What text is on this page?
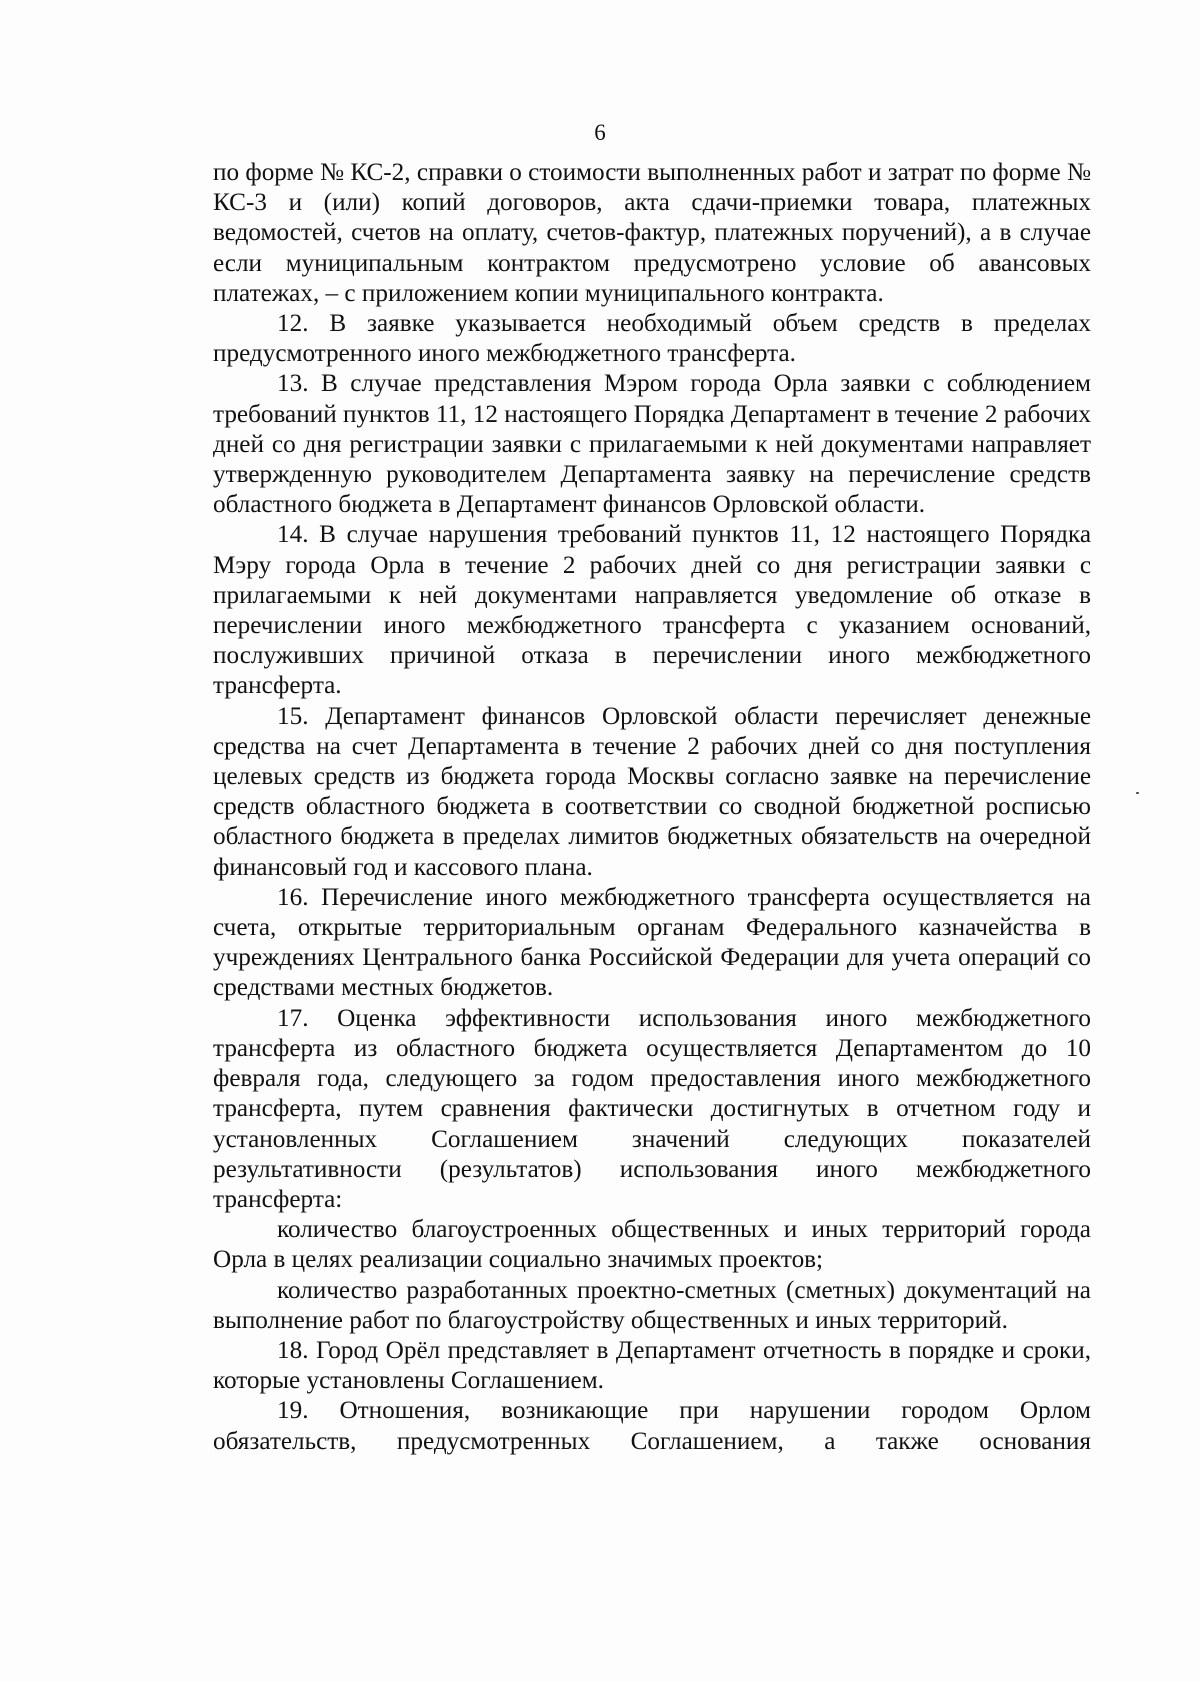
6

по форме № КС-2, справки о стоимости выполненных работ и затрат по форме № КС-3 и (или) копий договоров, акта сдачи-приемки товара, платежных ведомостей, счетов на оплату, счетов-фактур, платежных поручений), а в случае если муниципальным контрактом предусмотрено условие об авансовых платежах, – с приложением копии муниципального контракта.

12. В заявке указывается необходимый объем средств в пределах предусмотренного иного межбюджетного трансферта.

13. В случае представления Мэром города Орла заявки с соблюдением требований пунктов 11, 12 настоящего Порядка Департамент в течение 2 рабочих дней со дня регистрации заявки с прилагаемыми к ней документами направляет утвержденную руководителем Департамента заявку на перечисление средств областного бюджета в Департамент финансов Орловской области.

14. В случае нарушения требований пунктов 11, 12 настоящего Порядка Мэру города Орла в течение 2 рабочих дней со дня регистрации заявки с прилагаемыми к ней документами направляется уведомление об отказе в перечислении иного межбюджетного трансферта с указанием оснований, послуживших причиной отказа в перечислении иного межбюджетного трансферта.

15. Департамент финансов Орловской области перечисляет денежные средства на счет Департамента в течение 2 рабочих дней со дня поступления целевых средств из бюджета города Москвы согласно заявке на перечисление средств областного бюджета в соответствии со сводной бюджетной росписью областного бюджета в пределах лимитов бюджетных обязательств на очередной финансовый год и кассового плана.

16. Перечисление иного межбюджетного трансферта осуществляется на счета, открытые территориальным органам Федерального казначейства в учреждениях Центрального банка Российской Федерации для учета операций со средствами местных бюджетов.

17. Оценка эффективности использования иного межбюджетного трансферта из областного бюджета осуществляется Департаментом до 10 февраля года, следующего за годом предоставления иного межбюджетного трансферта, путем сравнения фактически достигнутых в отчетном году и установленных Соглашением значений следующих показателей результативности (результатов) использования иного межбюджетного трансферта:

количество благоустроенных общественных и иных территорий города Орла в целях реализации социально значимых проектов;

количество разработанных проектно-сметных (сметных) документаций на выполнение работ по благоустройству общественных и иных территорий.

18. Город Орёл представляет в Департамент отчетность в порядке и сроки, которые установлены Соглашением.

19. Отношения, возникающие при нарушении городом Орлом обязательств, предусмотренных Соглашением, а также основания
